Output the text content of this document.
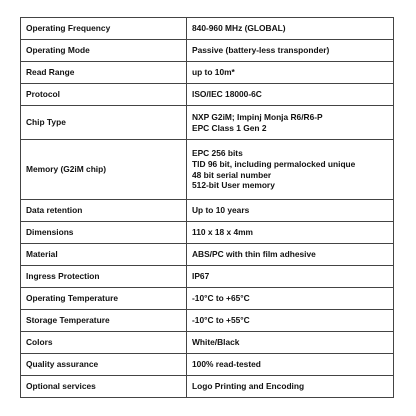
Operating Frequency	840-960 MHz (GLOBAL)
Operating Mode	Passive (battery-less transponder)
Read Range	up to 10m*
Protocol	ISO/IEC 18000-6C
Chip Type	NXP G2iM; Impinj Monja R6/R6-P
EPC Class 1 Gen 2
Memory (G2iM chip)	EPC 256 bits
TID 96 bit, including permalocked unique
48 bit serial number
512-bit User memory
Data retention	Up to 10 years
Dimensions	110 x 18 x 4mm
Material	ABS/PC with thin film adhesive
Ingress Protection	IP67
Operating Temperature	-10°C to +65°C
Storage Temperature	-10°C to +55°C
Colors	White/Black
Quality assurance	100% read-tested
Optional services	Logo Printing and Encoding
